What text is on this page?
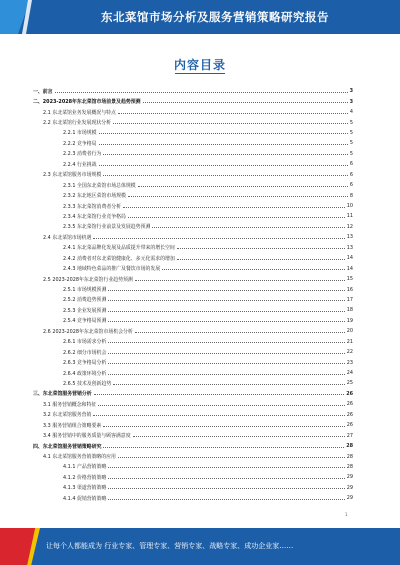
东北菜馆市场分析及服务营销策略研究报告
内容目录
一、前言	3
二、2023-2028年东北菜馆市场前景及趋势预测	3
2.1 东北菜馆业务发展概况与特点	4
2.2 东北菜馆行业发展现状分析	5
2.2.1 市场规模	5
2.2.2 竞争格局	5
2.2.3 消费者行为	5
2.2.4 行业挑战	6
2.3 东北菜馆服务市场规模	6
2.3.1 全国东北菜馆市场总体规模	6
2.3.2 东北地区菜馆市场规模	8
2.3.3 东北菜馆消费者分析	10
2.3.4 东北菜馆行业竞争格局	11
2.3.5 东北菜馆行业前景及发展趋势预测	12
2.4 东北菜馆市场机遇	13
2.4.1 东北菜品牌化发展及品质提升带来的增长空间	13
2.4.2 消费者对东北菜馆健康化、多元化需求的增加	14
2.4.3 地域特色菜品的推广及餐饮市场的发展	14
2.5 2023-2028年东北菜馆行业趋势预测	15
2.5.1 市场规模预测	16
2.5.2 消费趋势预测	17
2.5.3 企业发展预测	18
2.5.4 竞争格局预测	19
2.6 2023-2028年东北菜馆市场机会分析	20
2.6.1 市场需求分析	21
2.6.2 细分市场机会	22
2.6.3 竞争格局分析	23
2.6.4 政策环境分析	24
2.6.5 技术及创新趋势	25
三、东北菜馆服务营销分析	26
3.1 服务营销概念和特征	26
3.2 东北菜馆服务营销	26
3.3 服务营销组合策略要素	26
3.4 服务营销中的服务质量与顾客满意度	27
四、东北菜馆服务营销策略研究	28
4.1 东北菜馆服务营销策略的应用	28
4.1.1 产品营销策略	28
4.1.2 价格营销策略	29
4.1.3 渠道营销策略	29
4.1.4 促销营销策略	29
1
让每个人都能成为 行业专家、管理专家、营销专家、战略专家、成功企业家……
